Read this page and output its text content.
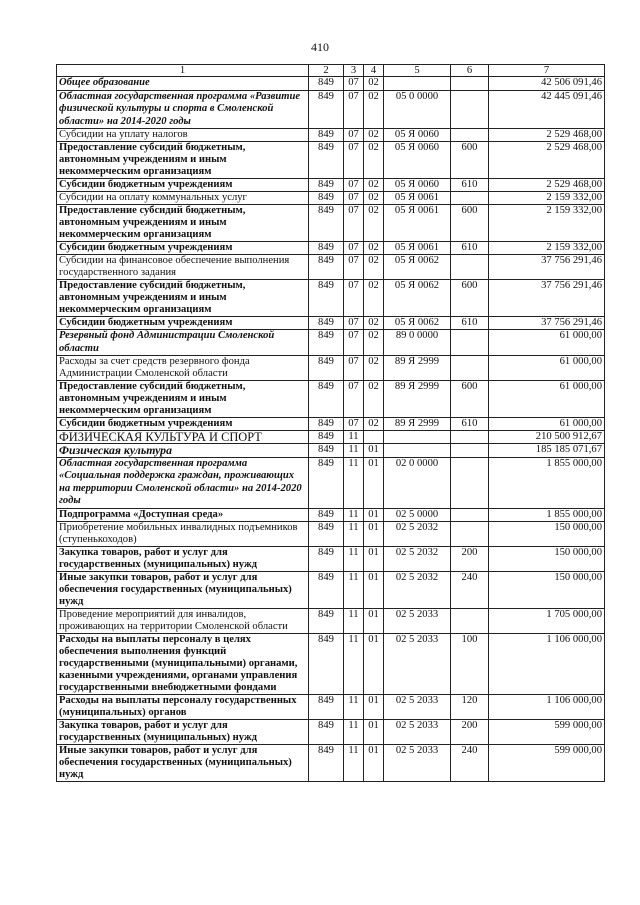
410
1	2	3	4	5	6	7
Общее образование	849	07	02			42 506 091,46
Областная государственная программа «Развитие физической культуры и спорта в Смоленской области» на 2014-2020 годы	849	07	02	05 0 0000		42 445 091,46
Субсидии на уплату налогов	849	07	02	05 Я 0060		2 529 468,00
Предоставление субсидий бюджетным, автономным учреждениям и иным некоммерческим организациям	849	07	02	05 Я 0060	600	2 529 468,00
Субсидии бюджетным учреждениям	849	07	02	05 Я 0060	610	2 529 468,00
Субсидии на оплату коммунальных услуг	849	07	02	05 Я 0061		2 159 332,00
Предоставление субсидий бюджетным, автономным учреждениям и иным некоммерческим организациям	849	07	02	05 Я 0061	600	2 159 332,00
Субсидии бюджетным учреждениям	849	07	02	05 Я 0061	610	2 159 332,00
Субсидии на финансовое обеспечение выполнения государственного задания	849	07	02	05 Я 0062		37 756 291,46
Предоставление субсидий бюджетным, автономным учреждениям и иным некоммерческим организациям	849	07	02	05 Я 0062	600	37 756 291,46
Субсидии бюджетным учреждениям	849	07	02	05 Я 0062	610	37 756 291,46
Резервный фонд Администрации Смоленской области	849	07	02	89 0 0000		61 000,00
Расходы за счет средств резервного фонда Администрации Смоленской области	849	07	02	89 Я 2999		61 000,00
Предоставление субсидий бюджетным, автономным учреждениям и иным некоммерческим организациям	849	07	02	89 Я 2999	600	61 000,00
Субсидии бюджетным учреждениям	849	07	02	89 Я 2999	610	61 000,00
ФИЗИЧЕСКАЯ КУЛЬТУРА И СПОРТ	849	11				210 500 912,67
Физическая культура	849	11	01			185 185 071,67
Областная государственная программа «Социальная поддержка граждан, проживающих на территории Смоленской области» на 2014-2020 годы	849	11	01	02 0 0000		1 855 000,00
Подпрограмма «Доступная среда»	849	11	01	02 5 0000		1 855 000,00
Приобретение мобильных инвалидных подъемников (ступенькоходов)	849	11	01	02 5 2032		150 000,00
Закупка товаров, работ и услуг для государственных (муниципальных) нужд	849	11	01	02 5 2032	200	150 000,00
Иные закупки товаров, работ и услуг для обеспечения государственных (муниципальных) нужд	849	11	01	02 5 2032	240	150 000,00
Проведение мероприятий для инвалидов, проживающих на территории Смоленской области	849	11	01	02 5 2033		1 705 000,00
Расходы на выплаты персоналу в целях обеспечения выполнения функций государственными (муниципальными) органами, казенными учреждениями, органами управления государственными внебюджетными фондами	849	11	01	02 5 2033	100	1 106 000,00
Расходы на выплаты персоналу государственных (муниципальных) органов	849	11	01	02 5 2033	120	1 106 000,00
Закупка товаров, работ и услуг для государственных (муниципальных) нужд	849	11	01	02 5 2033	200	599 000,00
Иные закупки товаров, работ и услуг для обеспечения государственных (муниципальных) нужд	849	11	01	02 5 2033	240	599 000,00
